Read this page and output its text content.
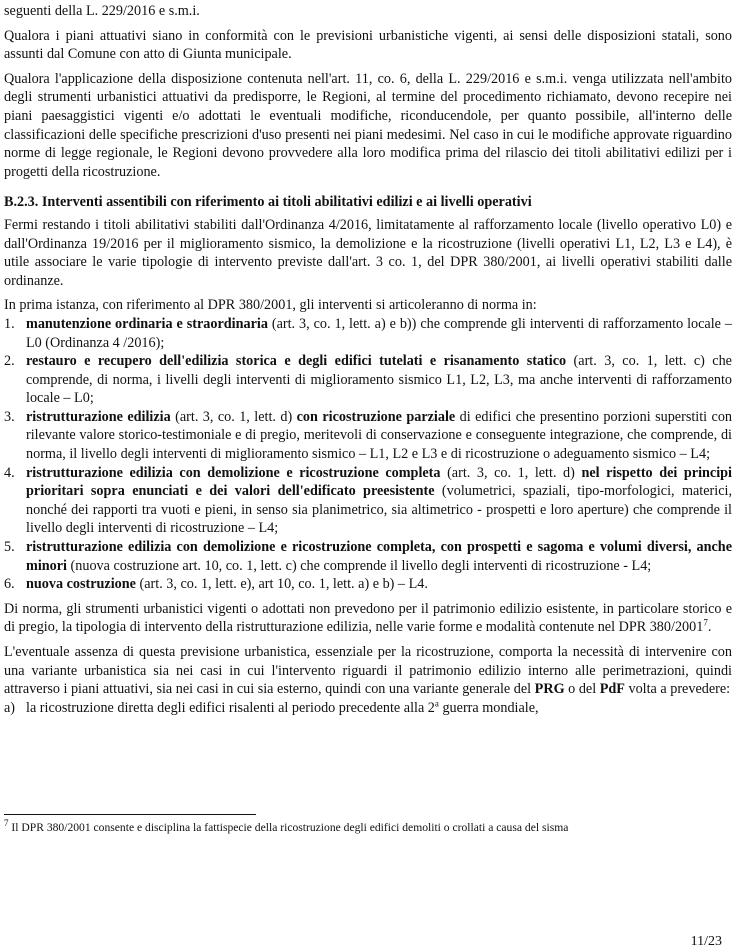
seguenti della L. 229/2016 e s.m.i.

Qualora i piani attuativi siano in conformità con le previsioni urbanistiche vigenti, ai sensi delle disposizioni statali, sono assunti dal Comune con atto di Giunta municipale.

Qualora l'applicazione della disposizione contenuta nell'art. 11, co. 6, della L. 229/2016 e s.m.i. venga utilizzata nell'ambito degli strumenti urbanistici attuativi da predisporre, le Regioni, al termine del procedimento richiamato, devono recepire nei piani paesaggistici vigenti e/o adottati le eventuali modifiche, riconducendole, per quanto possibile, all'interno delle classificazioni delle specifiche prescrizioni d'uso presenti nei piani medesimi. Nel caso in cui le modifiche approvate riguardino norme di legge regionale, le Regioni devono provvedere alla loro modifica prima del rilascio dei titoli abilitativi edilizi per i progetti della ricostruzione.

B.2.3. Interventi assentibili con riferimento ai titoli abilitativi edilizi e ai livelli operativi

Fermi restando i titoli abilitativi stabiliti dall'Ordinanza 4/2016, limitatamente al rafforzamento locale (livello operativo L0) e dall'Ordinanza 19/2016 per il miglioramento sismico, la demolizione e la ricostruzione (livelli operativi L1, L2, L3 e L4), è utile associare le varie tipologie di intervento previste dall'art. 3 co. 1, del DPR 380/2001, ai livelli operativi stabiliti dalle ordinanze.

In prima istanza, con riferimento al DPR 380/2001, gli interventi si articoleranno di norma in:

1. manutenzione ordinaria e straordinaria (art. 3, co. 1, lett. a) e b)) che comprende gli interventi di rafforzamento locale – L0 (Ordinanza 4 /2016);
2. restauro e recupero dell'edilizia storica e degli edifici tutelati e risanamento statico (art. 3, co. 1, lett. c) che comprende, di norma, i livelli degli interventi di miglioramento sismico L1, L2, L3, ma anche interventi di rafforzamento locale – L0;
3. ristrutturazione edilizia (art. 3, co. 1, lett. d) con ricostruzione parziale di edifici che presentino porzioni superstiti con rilevante valore storico-testimoniale e di pregio, meritevoli di conservazione e conseguente integrazione, che comprende, di norma, il livello degli interventi di miglioramento sismico – L1, L2 e L3 e di ricostruzione o adeguamento sismico – L4;
4. ristrutturazione edilizia con demolizione e ricostruzione completa (art. 3, co. 1, lett. d) nel rispetto dei principi prioritari sopra enunciati e dei valori dell'edificato preesistente (volumetrici, spaziali, tipo-morfologici, materici, nonché dei rapporti tra vuoti e pieni, in senso sia planimetrico, sia altimetrico - prospetti e loro aperture) che comprende il livello degli interventi di ricostruzione – L4;
5. ristrutturazione edilizia con demolizione e ricostruzione completa, con prospetti e sagoma e volumi diversi, anche minori (nuova costruzione art. 10, co. 1, lett. c) che comprende il livello degli interventi di ricostruzione - L4;
6. nuova costruzione (art. 3, co. 1, lett. e), art 10, co. 1, lett. a) e b) – L4.

Di norma, gli strumenti urbanistici vigenti o adottati non prevedono per il patrimonio edilizio esistente, in particolare storico e di pregio, la tipologia di intervento della ristrutturazione edilizia, nelle varie forme e modalità contenute nel DPR 380/2001$^7$.

L'eventuale assenza di questa previsione urbanistica, essenziale per la ricostruzione, comporta la necessità di intervenire con una variante urbanistica sia nei casi in cui l'intervento riguardi il patrimonio edilizio interno alle perimetrazioni, quindi attraverso i piani attuativi, sia nei casi in cui sia esterno, quindi con una variante generale del PRG o del PdF volta a prevedere:

a) la ricostruzione diretta degli edifici risalenti al periodo precedente alla 2$^a$ guerra mondiale,
$^7$ Il DPR 380/2001 consente e disciplina la fattispecie della ricostruzione degli edifici demoliti o crollati a causa del sisma
11/23
